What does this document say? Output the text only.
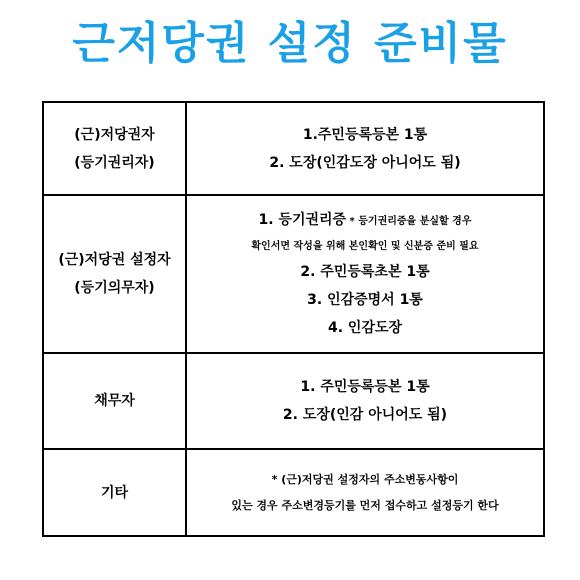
근저당권 설정 준비물
(근)저당권자
(등기권리자)
1.주민등록등본 1통
2. 도장(인감도장 아니어도 됨)
(근)저당권 설정자
(등기의무자)
1. 등기권리증 * 등기권리증을 분실할 경우
확인서면 작성을 위해 본인확인 및 신분증 준비 필요
2. 주민등록초본 1통
3. 인감증명서 1통
4. 인감도장
채무자
1. 주민등록등본 1통
2. 도장(인감 아니어도 됨)
기타
* (근)저당권 설정자의 주소변동사항이
있는 경우 주소변경등기를 먼저 접수하고 설정등기 한다
